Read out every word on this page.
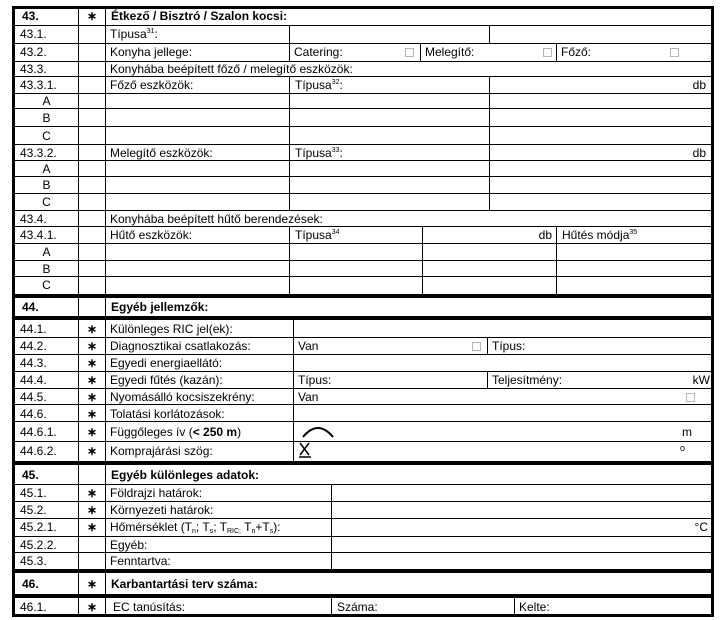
43.	∗	Étkező / Bisztró / Szalon kocsi:
43.1.	Típusa$^{31}$:
43.2.	Konyha jellege:	Catering:	Melegítő:	Főző:
43.3.	Konyhába beépített főző / melegítő eszközök:
43.3.1.	Főző eszközök:	Típusa$^{32}$:	db
A
B
C
43.3.2.	Melegítő eszközök:	Típusa$^{33}$:	db
A
B
C
43.4.	Konyhába beépített hűtő berendezések:
43.4.1.	Hűtő eszközök:	Típusa$^{34}$	db Hűtés módja$^{35}$
A
B
C
44.	Egyéb jellemzők:
44.1.	∗	Különleges RIC jel(ek):
44.2.	∗	Diagnosztikai csatlakozás:	Van	Típus:
44.3.	∗	Egyedi energiaellátó:
44.4.	∗	Egyedi fűtés (kazán):	Típus:	Teljesítmény:	kW
44.5.	∗	Nyomásálló kocsiszekrény:	Van
44.6.	∗	Tolatási korlátozások:
44.6.1.	∗	Függőleges ív (< 250 m)	m
44.6.2.	∗	Komprajárási szög:	o
45.	Egyéb különleges adatok:
45.1.	∗	Földrajzi határok:
45.2.	∗	Környezeti határok:
45.2.1.	∗	Hőmérséklet ($T_n$; $T_s$; $T_{RIC;}$ $T_n+T_s$):	°C
45.2.2.	Egyéb:
45.3.	Fenntartva:
46.	∗	Karbantartási terv száma:
46.1.	∗	EC tanúsítás:	Száma:	Kelte:
